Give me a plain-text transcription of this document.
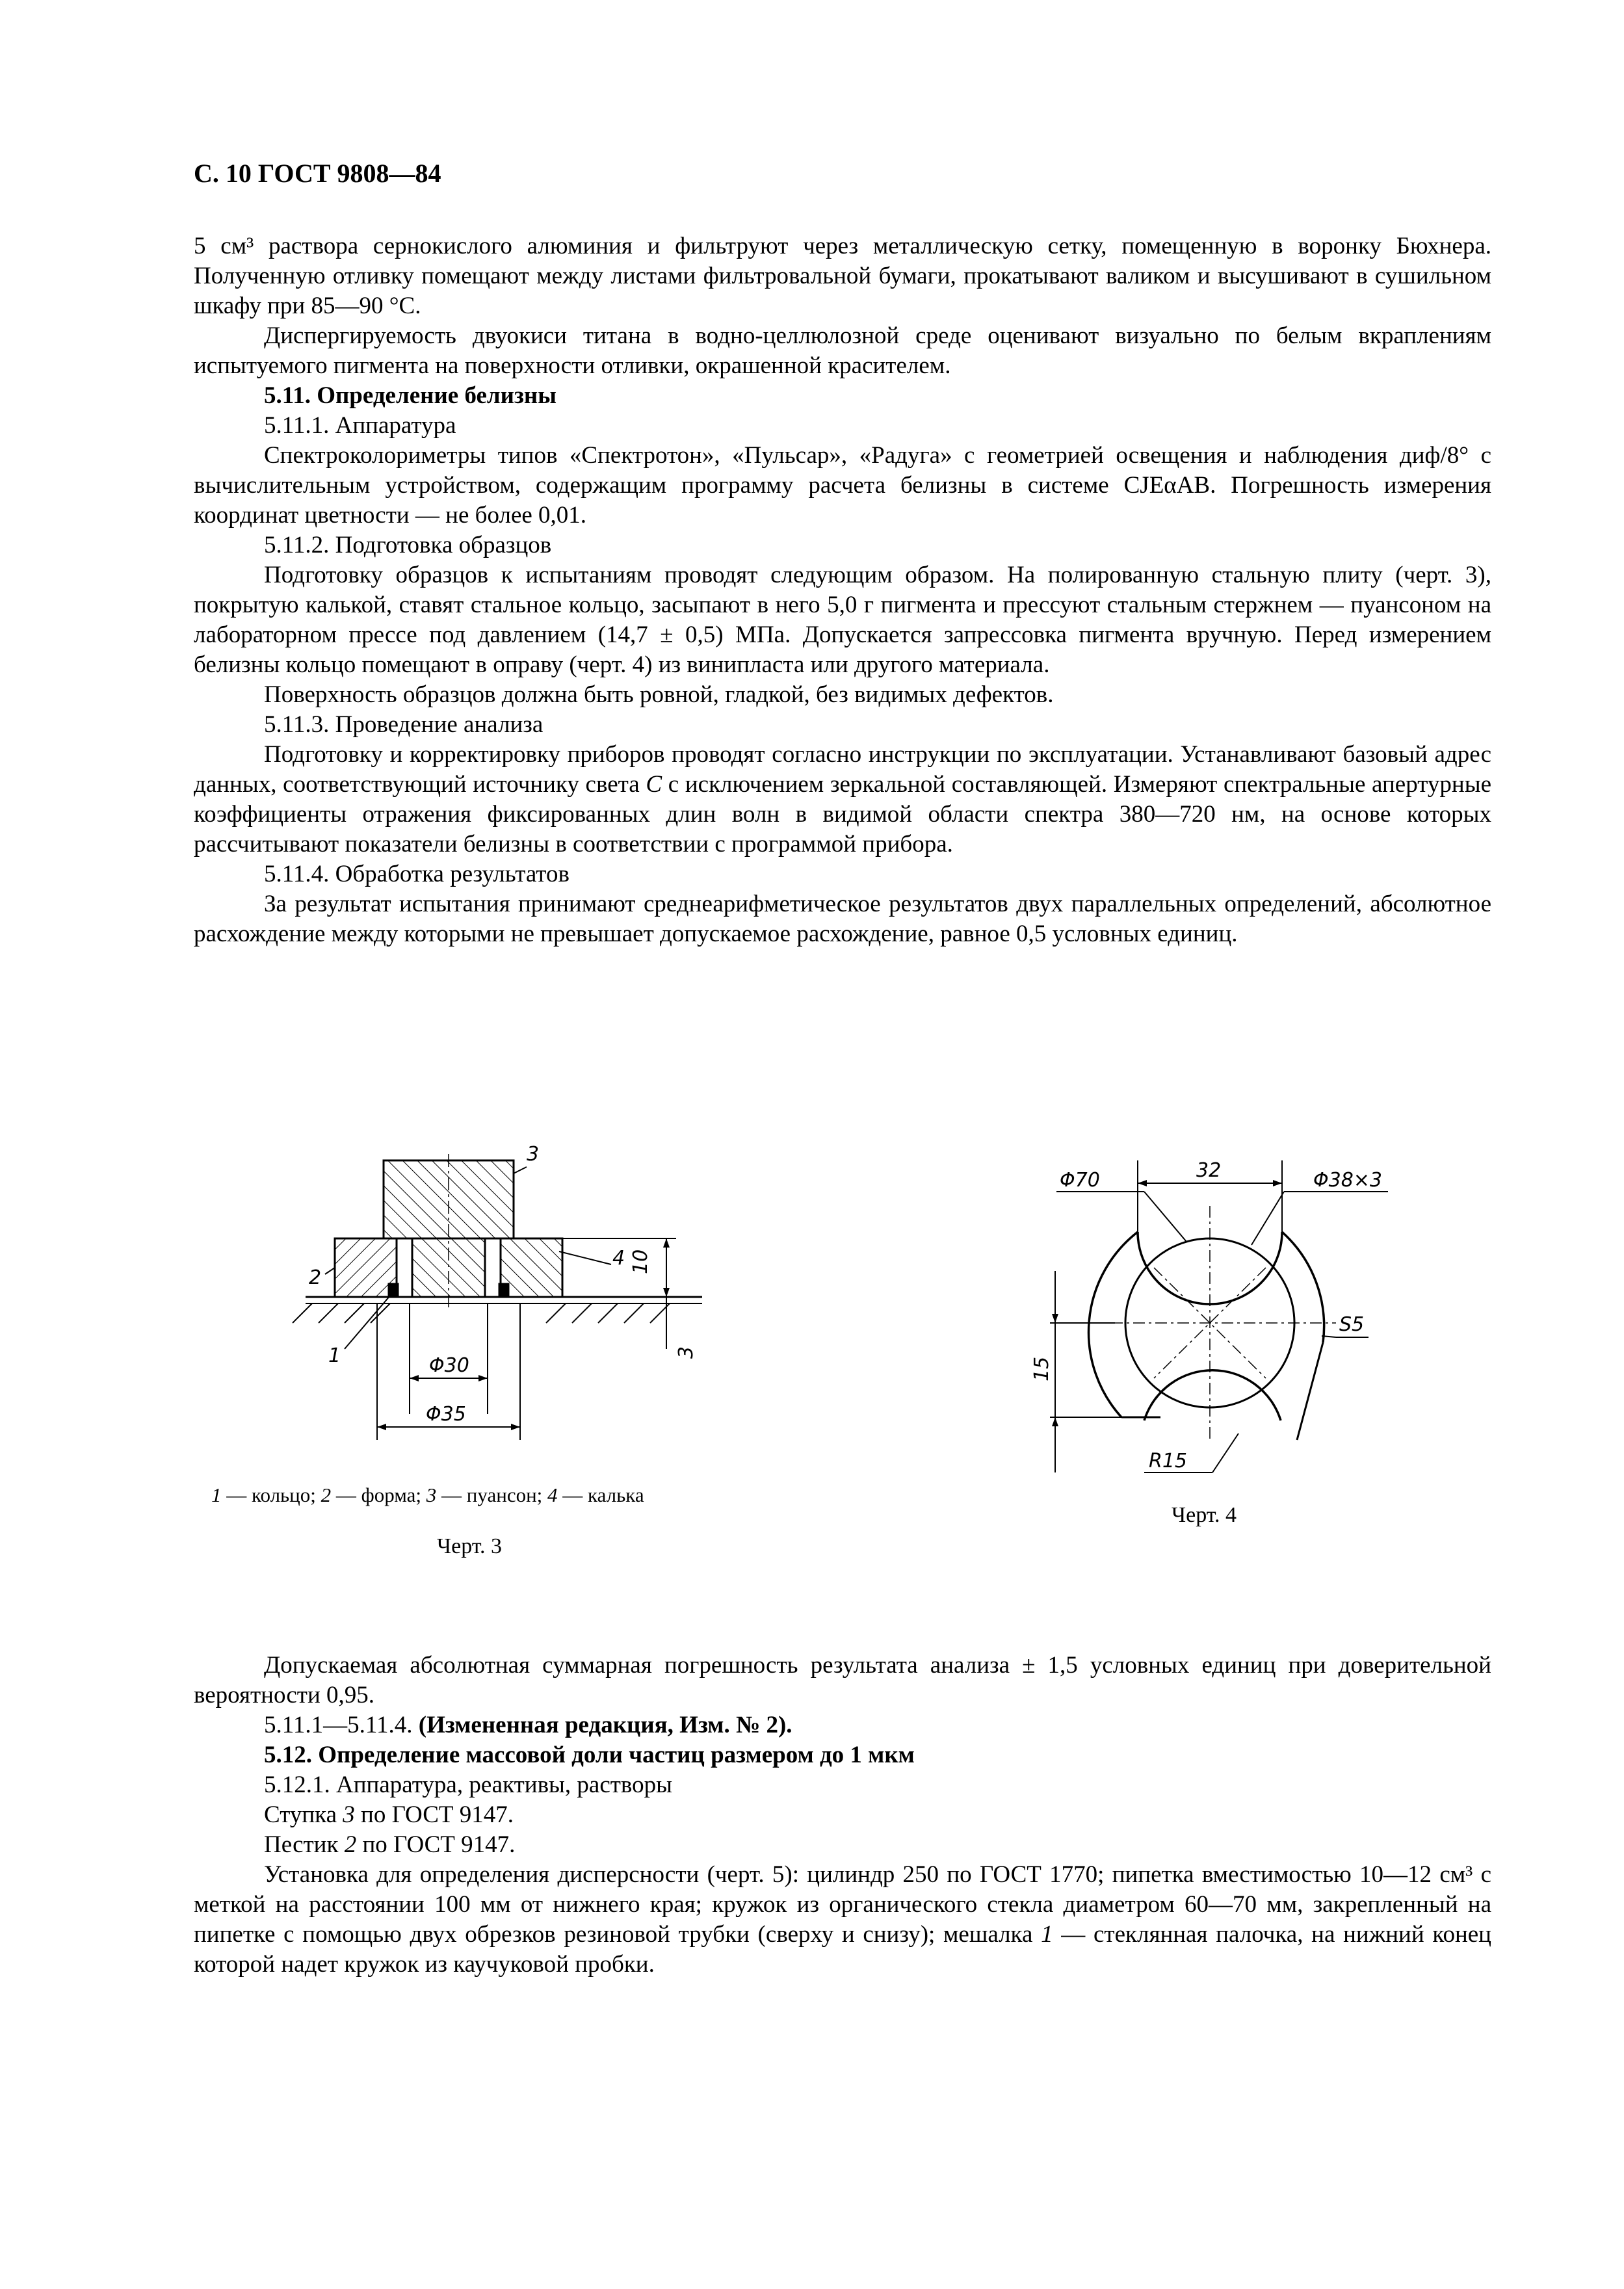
С. 10 ГОСТ 9808—84

5 см³ раствора сернокислого алюминия и фильтруют через металлическую сетку, помещенную в воронку Бюхнера. Полученную отливку помещают между листами фильтровальной бумаги, прокатывают валиком и высушивают в сушильном шкафу при 85—90 °С.

Диспергируемость двуокиси титана в водно-целлюлозной среде оценивают визуально по белым вкраплениям испытуемого пигмента на поверхности отливки, окрашенной красителем.

5.11. Определение белизны

5.11.1. Аппаратура

Спектроколориметры типов «Спектротон», «Пульсар», «Радуга» с геометрией освещения и наблюдения диф/8° с вычислительным устройством, содержащим программу расчета белизны в системе CJEαAB. Погрешность измерения координат цветности — не более 0,01.

5.11.2. Подготовка образцов

Подготовку образцов к испытаниям проводят следующим образом. На полированную стальную плиту (черт. 3), покрытую калькой, ставят стальное кольцо, засыпают в него 5,0 г пигмента и прессуют стальным стержнем — пуансоном на лабораторном прессе под давлением (14,7 ± 0,5) МПа. Допускается запрессовка пигмента вручную. Перед измерением белизны кольцо помещают в оправу (черт. 4) из винипласта или другого материала.

Поверхность образцов должна быть ровной, гладкой, без видимых дефектов.

5.11.3. Проведение анализа

Подготовку и корректировку приборов проводят согласно инструкции по эксплуатации. Устанавливают базовый адрес данных, соответствующий источнику света С с исключением зеркальной составляющей. Измеряют спектральные апертурные коэффициенты отражения фиксированных длин волн в видимой области спектра 380—720 нм, на основе которых рассчитывают показатели белизны в соответствии с программой прибора.

5.11.4. Обработка результатов

За результат испытания принимают среднеарифметическое результатов двух параллельных определений, абсолютное расхождение между которыми не превышает допускаемое расхождение, равное 0,5 условных единиц.

3
2
1
4
Φ30
Φ35
10
3
1 — кольцо; 2 — форма; 3 — пуансон; 4 — калька
Черт. 3
32
Φ70	Φ38×3
S5
15
R15
Черт. 4

Допускаемая абсолютная суммарная погрешность результата анализа ± 1,5 условных единиц при доверительной вероятности 0,95.

5.11.1—5.11.4. (Измененная редакция, Изм. № 2).

5.12. Определение массовой доли частиц размером до 1 мкм

5.12.1. Аппаратура, реактивы, растворы

Ступка 3 по ГОСТ 9147.

Пестик 2 по ГОСТ 9147.

Установка для определения дисперсности (черт. 5): цилиндр 250 по ГОСТ 1770; пипетка вместимостью 10—12 см³ с меткой на расстоянии 100 мм от нижнего края; кружок из органического стекла диаметром 60—70 мм, закрепленный на пипетке с помощью двух обрезков резиновой трубки (сверху и снизу); мешалка 1 — стеклянная палочка, на нижний конец которой надет кружок из каучуковой пробки.
